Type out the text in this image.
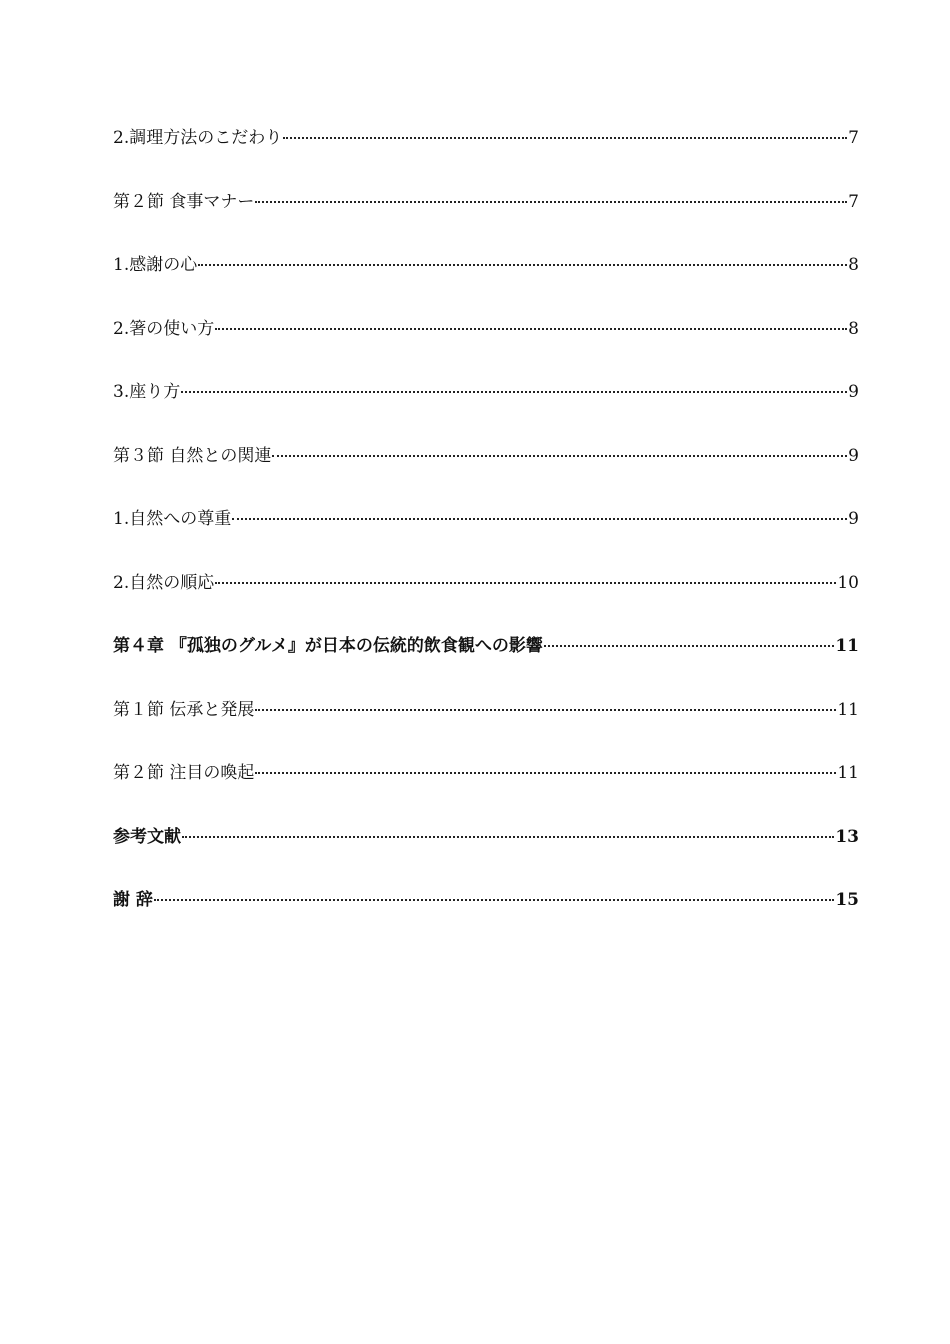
2.調理方法のこだわり	7
第２節 食事マナー	7
1.感謝の心	8
2.箸の使い方	8
3.座り方	9
第３節 自然との関連	9
1.自然への尊重	9
2.自然の順応	10
第４章 『孤独のグルメ』が日本の伝統的飲食観への影響	11
第１節 伝承と発展	11
第２節 注目の喚起	11
参考文献	13
謝 辞	15
